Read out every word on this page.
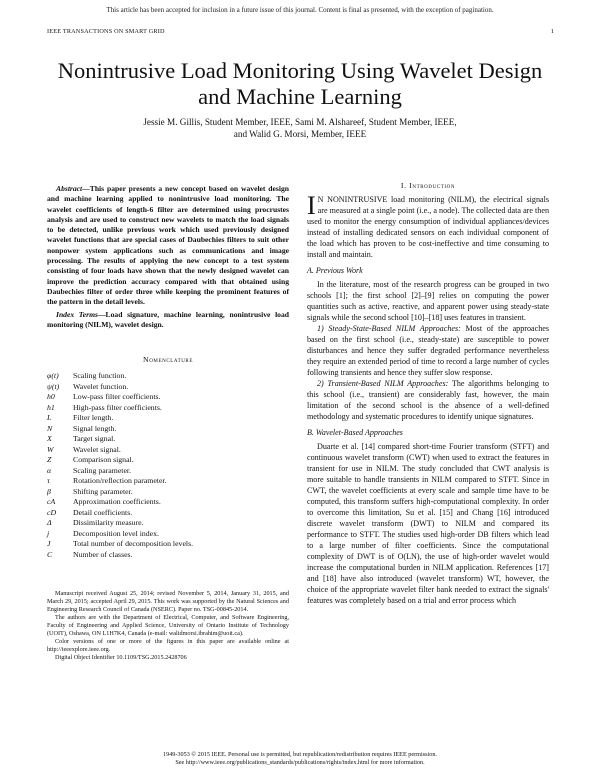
This article has been accepted for inclusion in a future issue of this journal. Content is final as presented, with the exception of pagination.
IEEE TRANSACTIONS ON SMART GRID	1
Nonintrusive Load Monitoring Using Wavelet Design and Machine Learning
Jessie M. Gillis, Student Member, IEEE, Sami M. Alshareef, Student Member, IEEE,
and Walid G. Morsi, Member, IEEE

Abstract—This paper presents a new concept based on wavelet design and machine learning applied to nonintrusive load monitoring. The wavelet coefficients of length-6 filter are determined using procrustes analysis and are used to construct new wavelets to match the load signals to be detected, unlike previous work which used previously designed wavelet functions that are special cases of Daubechies filters to suit other nonpower system applications such as communications and image processing. The results of applying the new concept to a test system consisting of four loads have shown that the newly designed wavelet can improve the prediction accuracy compared with that obtained using Daubechies filter of order three while keeping the prominent features of the pattern in the detail levels.

Index Terms—Load signature, machine learning, nonintrusive load monitoring (NILM), wavelet design.

Nomenclature
φ(t)	Scaling function.
ψ(t)	Wavelet function.
h0	Low-pass filter coefficients.
h1	High-pass filter coefficients.
L	Filter length.
N	Signal length.
X	Target signal.
W	Wavelet signal.
Z	Comparison signal.
α	Scaling parameter.
τ	Rotation/reflection parameter.
β	Shifting parameter.
cA	Approximation coefficients.
cD	Detail coefficients.
Δ	Dissimilarity measure.
j	Decomposition level index.
J	Total number of decomposition levels.
C	Number of classes.

Manuscript received August 25, 2014; revised November 5, 2014, January 31, 2015, and March 29, 2015; accepted April 29, 2015. This work was supported by the Natural Sciences and Engineering Research Council of Canada (NSERC). Paper no. TSG-00845-2014.

The authors are with the Department of Electrical, Computer, and Software Engineering, Faculty of Engineering and Applied Science, University of Ontario Institute of Technology (UOIT), Oshawa, ON L1H7K4, Canada (e-mail: walidmorsi.ibrahim@uoit.ca).

Color versions of one or more of the figures in this paper are available online at http://ieeexplore.ieee.org.

Digital Object Identifier 10.1109/TSG.2015.2428706

I. Introduction

I N NONINTRUSIVE load monitoring (NILM), the electrical signals are measured at a single point (i.e., a node). The collected data are then used to monitor the energy consumption of individual appliances/devices instead of installing dedicated sensors on each individual component of the load which has proven to be cost-ineffective and time consuming to install and maintain.

A. Previous Work

In the literature, most of the research progress can be grouped in two schools [1]; the first school [2]–[9] relies on computing the power quantities such as active, reactive, and apparent power using steady-state signals while the second school [10]–[18] uses features in transient.

1) Steady-State-Based NILM Approaches: Most of the approaches based on the first school (i.e., steady-state) are susceptible to power disturbances and hence they suffer degraded performance nevertheless they require an extended period of time to record a large number of cycles following transients and hence they suffer slow response.

2) Transient-Based NILM Approaches: The algorithms belonging to this school (i.e., transient) are considerably fast, however, the main limitation of the second school is the absence of a well-defined methodology and systematic procedures to identify unique signatures.

B. Wavelet-Based Approaches

Duarte et al. [14] compared short-time Fourier transform (STFT) and continuous wavelet transform (CWT) when used to extract the features in transient for use in NILM. The study concluded that CWT analysis is more suitable to handle transients in NILM compared to STFT. Since in CWT, the wavelet coefficients at every scale and sample time have to be computed, this transform suffers high-computational complexity. In order to overcome this limitation, Su et al. [15] and Chang [16] introduced discrete wavelet transform (DWT) to NILM and compared its performance to STFT. The studies used high-order DB filters which lead to a large number of filter coefficients. Since the computational complexity of DWT is of O(LN), the use of high-order wavelet would increase the computational burden in NILM application. References [17] and [18] have also introduced (wavelet transform) WT, however, the choice of the appropriate wavelet filter bank needed to extract the signals' features was completely based on a trial and error process which

1949-3053 © 2015 IEEE. Personal use is permitted, but republication/redistribution requires IEEE permission.
See http://www.ieee.org/publications_standards/publications/rights/index.html for more information.
